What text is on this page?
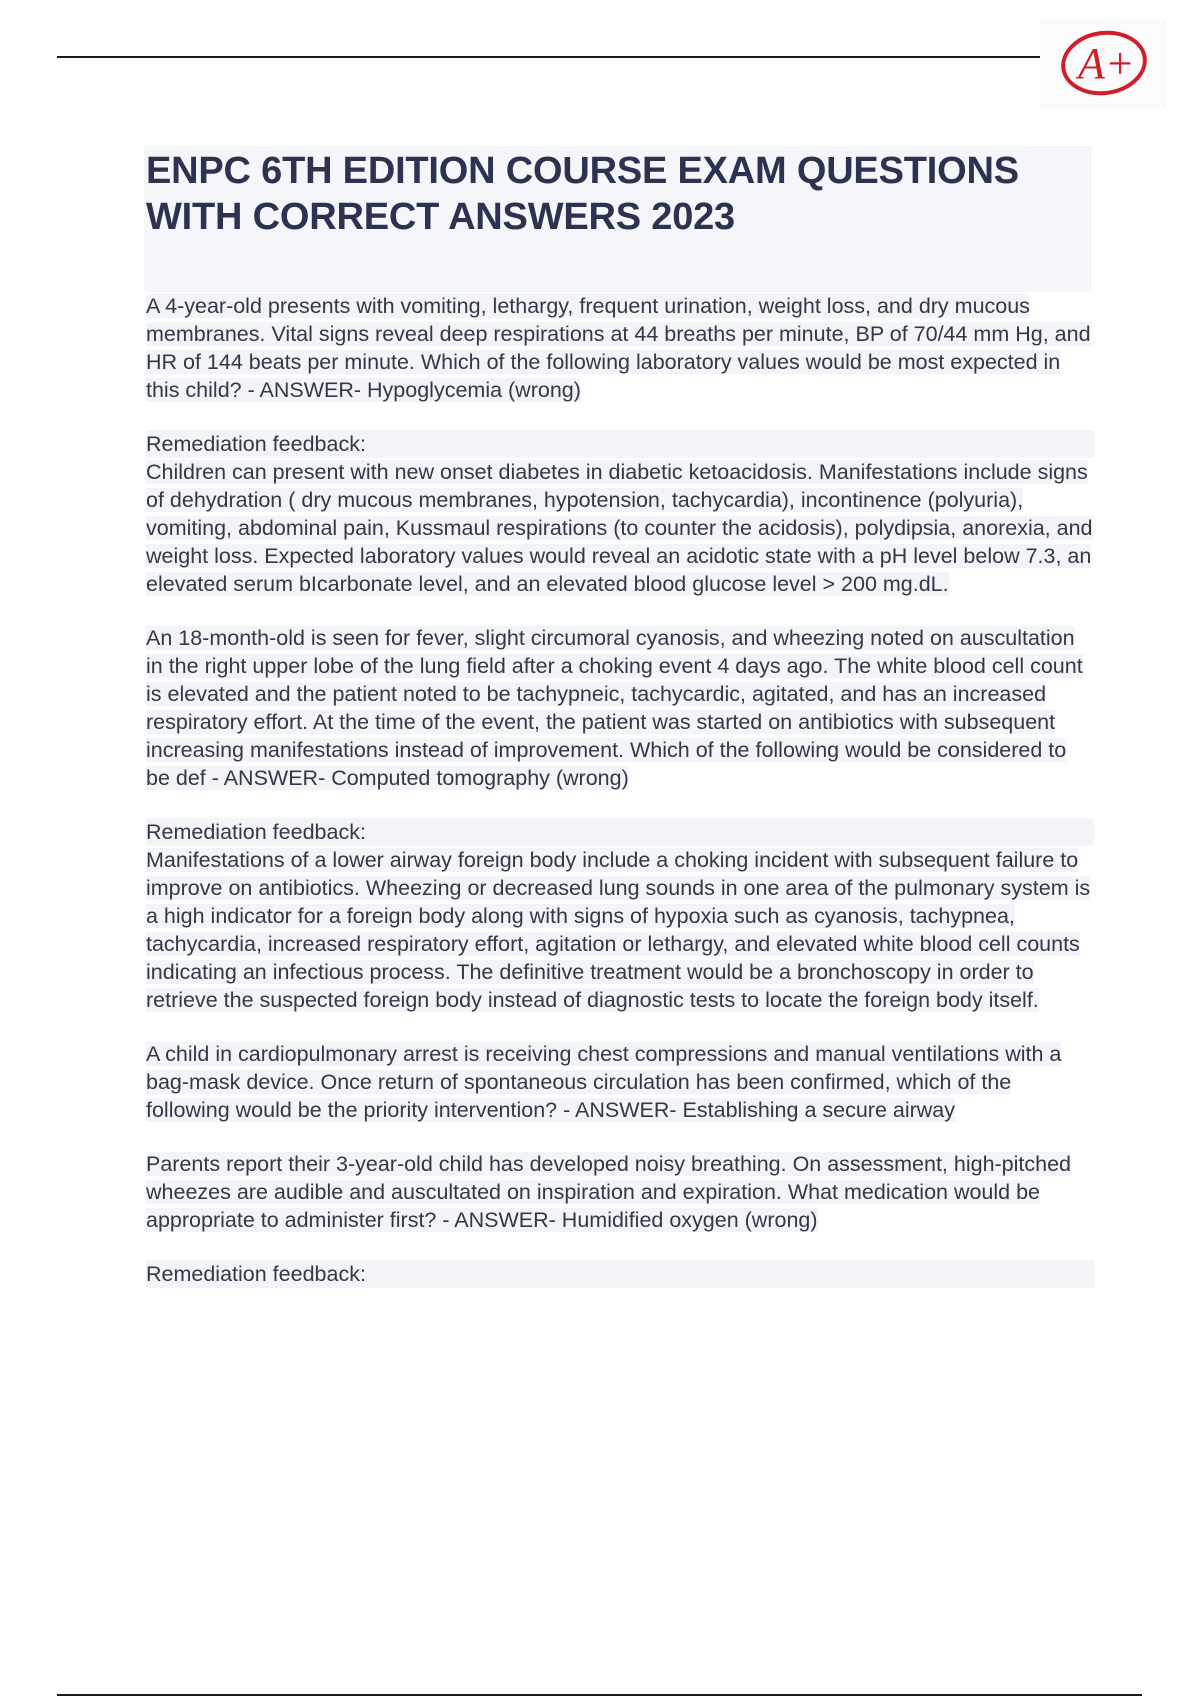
A+
ENPC 6TH EDITION COURSE EXAM QUESTIONS WITH CORRECT ANSWERS 2023

A 4-year-old presents with vomiting, lethargy, frequent urination, weight loss, and dry mucous membranes. Vital signs reveal deep respirations at 44 breaths per minute, BP of 70/44 mm Hg, and HR of 144 beats per minute. Which of the following laboratory values would be most expected in this child? - ANSWER- Hypoglycemia (wrong)

Remediation feedback:
Children can present with new onset diabetes in diabetic ketoacidosis. Manifestations include signs of dehydration ( dry mucous membranes, hypotension, tachycardia), incontinence (polyuria), vomiting, abdominal pain, Kussmaul respirations (to counter the acidosis), polydipsia, anorexia, and weight loss. Expected laboratory values would reveal an acidotic state with a pH level below 7.3, an elevated serum bIcarbonate level, and an elevated blood glucose level > 200 mg.dL.

An 18-month-old is seen for fever, slight circumoral cyanosis, and wheezing noted on auscultation in the right upper lobe of the lung field after a choking event 4 days ago. The white blood cell count is elevated and the patient noted to be tachypneic, tachycardic, agitated, and has an increased respiratory effort. At the time of the event, the patient was started on antibiotics with subsequent increasing manifestations instead of improvement. Which of the following would be considered to be def - ANSWER- Computed tomography (wrong)

Remediation feedback:
Manifestations of a lower airway foreign body include a choking incident with subsequent failure to improve on antibiotics. Wheezing or decreased lung sounds in one area of the pulmonary system is a high indicator for a foreign body along with signs of hypoxia such as cyanosis, tachypnea, tachycardia, increased respiratory effort, agitation or lethargy, and elevated white blood cell counts indicating an infectious process. The definitive treatment would be a bronchoscopy in order to retrieve the suspected foreign body instead of diagnostic tests to locate the foreign body itself.

A child in cardiopulmonary arrest is receiving chest compressions and manual ventilations with a bag-mask device. Once return of spontaneous circulation has been confirmed, which of the following would be the priority intervention? - ANSWER- Establishing a secure airway

Parents report their 3-year-old child has developed noisy breathing. On assessment, high-pitched wheezes are audible and auscultated on inspiration and expiration. What medication would be appropriate to administer first? - ANSWER- Humidified oxygen (wrong)

Remediation feedback:
